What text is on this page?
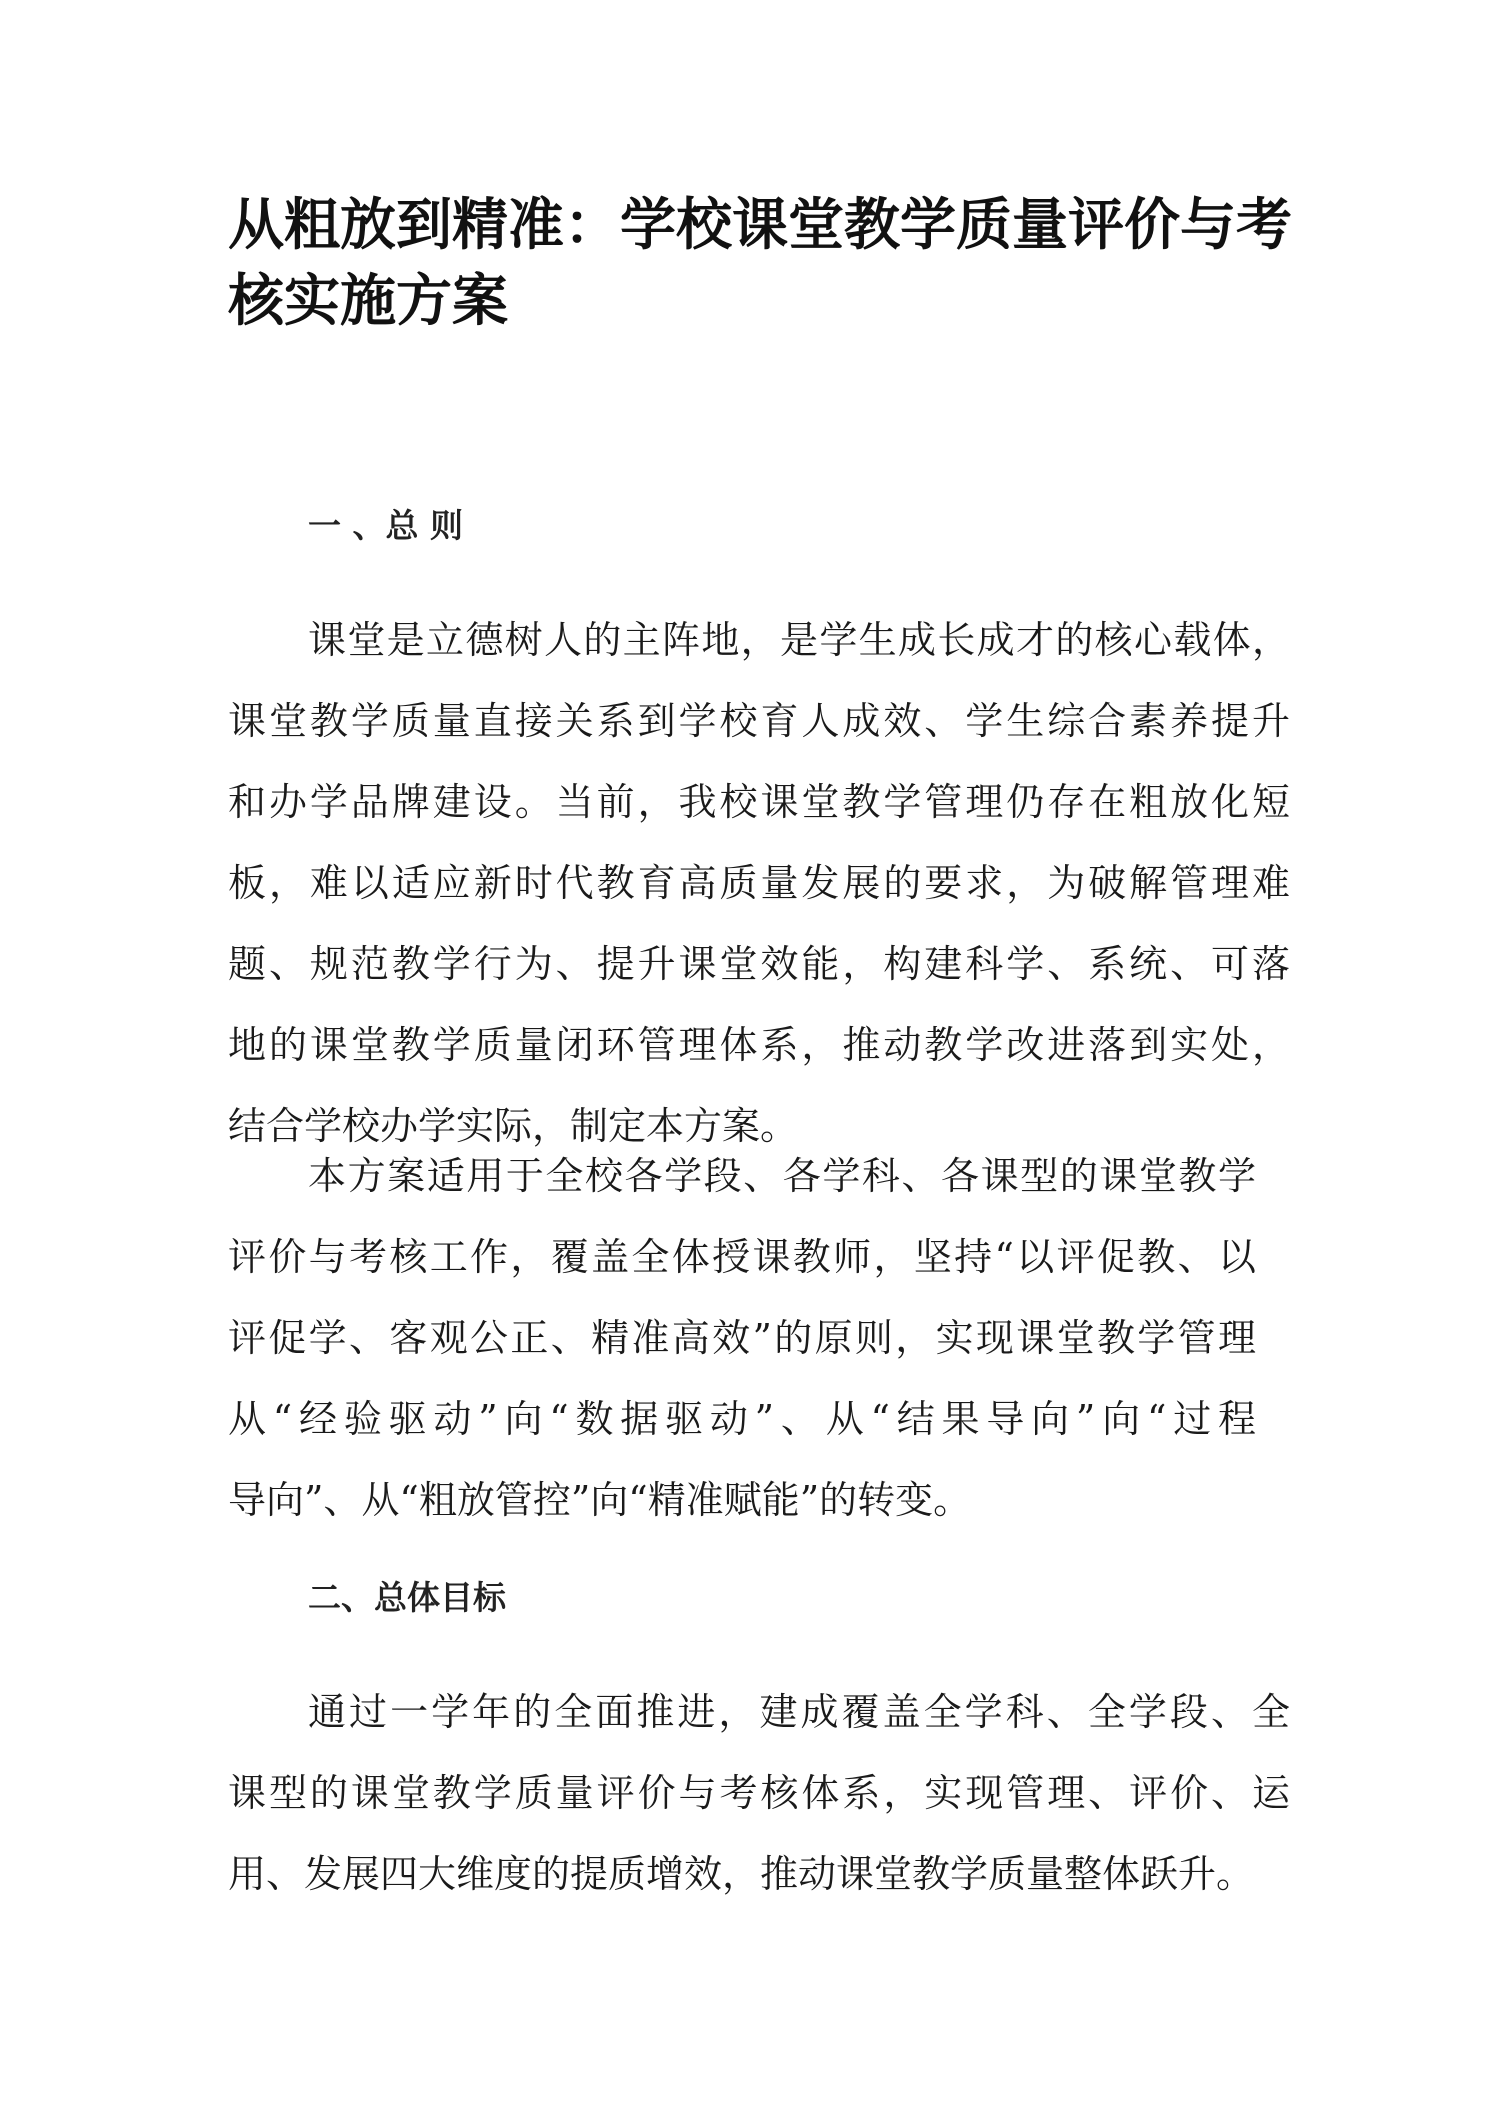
从粗放到精准：学校课堂教学质量评价与考核实施方案
一 、总 则
课堂是立德树人的主阵地，是学生成长成才的核心载体，
课堂教学质量直接关系到学校育人成效、学生综合素养提升
和办学品牌建设。当前，我校课堂教学管理仍存在粗放化短
板，难以适应新时代教育高质量发展的要求，为破解管理难
题、规范教学行为、提升课堂效能，构建科学、系统、可落
地的课堂教学质量闭环管理体系，推动教学改进落到实处，
结合学校办学实际，制定本方案。
本方案适用于全校各学段、各学科、各课型的课堂教学
评价与考核工作，覆盖全体授课教师，坚持“以评促教、以
评促学、客观公正、精准高效”的原则，实现课堂教学管理
从“经验驱动”向“数据驱动”、从“结果导向”向“过程
导向”、从“粗放管控”向“精准赋能”的转变。
二、总体目标
通过一学年的全面推进，建成覆盖全学科、全学段、全
课型的课堂教学质量评价与考核体系，实现管理、评价、运
用、发展四大维度的提质增效，推动课堂教学质量整体跃升。
